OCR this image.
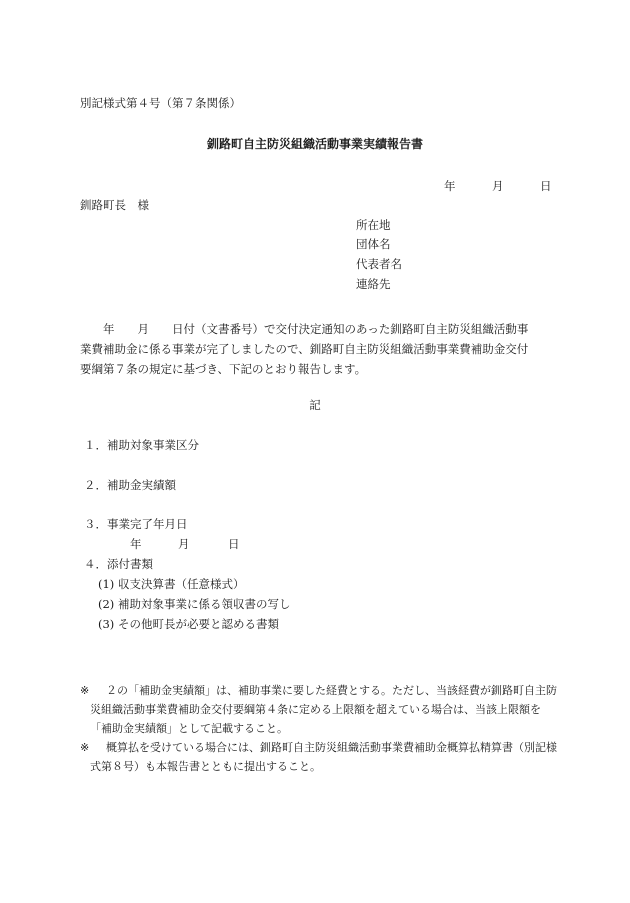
別記様式第４号（第７条関係）
釧路町自主防災組織活動事業実績報告書
年	月	日
釧路町長　様
所在地
団体名
代表者名
連絡先
　　年　　月　　日付（文書番号）で交付決定通知のあった釧路町自主防災組織活動事
業費補助金に係る事業が完了しましたので、釧路町自主防災組織活動事業費補助金交付
要綱第７条の規定に基づき、下記のとおり報告します。
記
１．補助対象事業区分
２．補助金実績額
３．事業完了年月日
年	月	日
４．添付書類
(1) 収支決算書（任意様式）
(2) 補助対象事業に係る領収書の写し
(3) その他町長が必要と認める書類
※	２の「補助金実績額」は、補助事業に要した経費とする。ただし、当該経費が釧路町自主防
災組織活動事業費補助金交付要綱第４条に定める上限額を超えている場合は、当該上限額を
「補助金実績額」として記載すること。
※	概算払を受けている場合には、釧路町自主防災組織活動事業費補助金概算払精算書（別記様
式第８号）も本報告書とともに提出すること。
